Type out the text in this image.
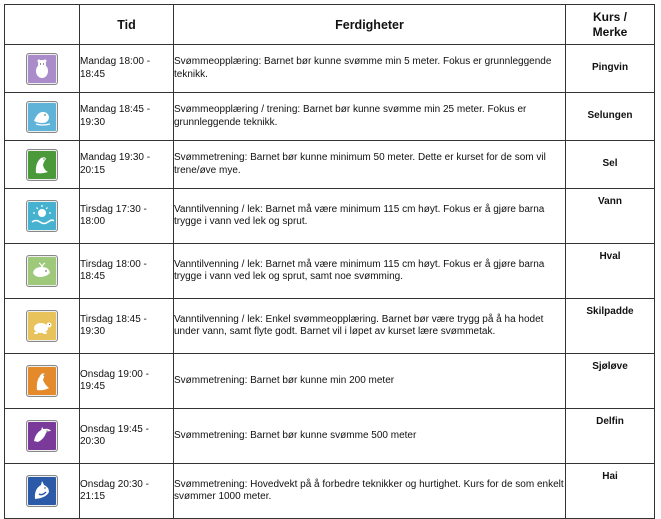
	Tid	Ferdigheter	Kurs /
Merke

	Mandag 18:00 - 18:45	Svømmeopplæring: Barnet bør kunne svømme min 5 meter. Fokus er grunnleggende teknikk.	Pingvin

	Mandag 18:45 - 19:30	Svømmeopplæring / trening: Barnet bør kunne svømme min 25 meter. Fokus er grunnleggende teknikk.	Selungen

	Mandag 19:30 - 20:15	Svømmetrening: Barnet bør kunne minimum 50 meter. Dette er kurset for de som vil trene/øve mye.	Sel

	Tirsdag 17:30 - 18:00	Vanntilvenning / lek: Barnet må være minimum 115 cm høyt. Fokus er å gjøre barna trygge i vann ved lek og sprut.	Vann

	Tirsdag 18:00 - 18:45	Vanntilvenning / lek: Barnet må være minimum 115 cm høyt. Fokus er å gjøre barna trygge i vann ved lek og sprut, samt noe svømming.	Hval

	Tirsdag 18:45 - 19:30	Vanntilvenning / lek: Enkel svømmeopplæring. Barnet bør være trygg på å ha hodet under vann, samt flyte godt. Barnet vil i løpet av kurset lære svømmetak.	Skilpadde

	Onsdag 19:00 - 19:45	Svømmetrening: Barnet bør kunne min 200 meter	Sjøløve

	Onsdag 19:45 - 20:30	Svømmetrening: Barnet bør kunne svømme 500 meter	Delfin

	Onsdag 20:30 - 21:15	Svømmetrening: Hovedvekt på å forbedre teknikker og hurtighet. Kurs for de som enkelt svømmer 1000 meter.	Hai
